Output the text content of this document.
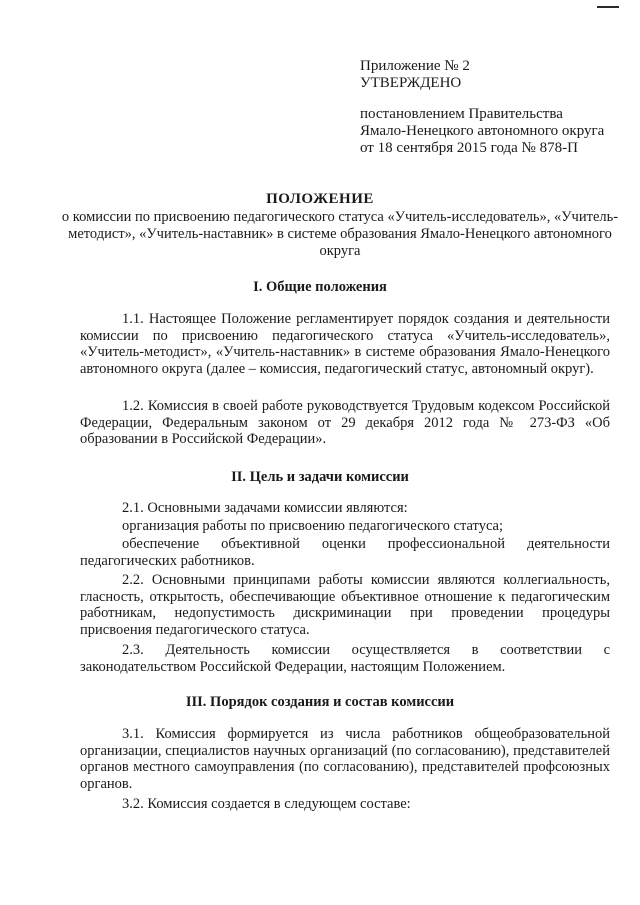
Приложение № 2
УТВЕРЖДЕНО
постановлением Правительства
Ямало-Ненецкого автономного округа
от 18 сентября 2015 года № 878-П
ПОЛОЖЕНИЕ
о комиссии по присвоению педагогического статуса «Учитель-исследователь», «Учитель-методист», «Учитель-наставник» в системе образования Ямало-Ненецкого автономного округа
I. Общие положения
1.1. Настоящее Положение регламентирует порядок создания и деятельности комиссии по присвоению педагогического статуса «Учитель-исследователь», «Учитель-методист», «Учитель-наставник» в системе образования Ямало-Ненецкого автономного округа (далее – комиссия, педагогический статус, автономный округ).
1.2. Комиссия в своей работе руководствуется Трудовым кодексом Российской Федерации, Федеральным законом от 29 декабря 2012 года № 273-ФЗ «Об образовании в Российской Федерации».
II. Цель и задачи комиссии
2.1. Основными задачами комиссии являются:
организация работы по присвоению педагогического статуса;
обеспечение объективной оценки профессиональной деятельности педагогических работников.
2.2. Основными принципами работы комиссии являются коллегиальность, гласность, открытость, обеспечивающие объективное отношение к педагогическим работникам, недопустимость дискриминации при проведении процедуры присвоения педагогического статуса.
2.3. Деятельность комиссии осуществляется в соответствии с законодательством Российской Федерации, настоящим Положением.
III. Порядок создания и состав комиссии
3.1. Комиссия формируется из числа работников общеобразовательной организации, специалистов научных организаций (по согласованию), представителей органов местного самоуправления (по согласованию), представителей профсоюзных органов.
3.2. Комиссия создается в следующем составе:
